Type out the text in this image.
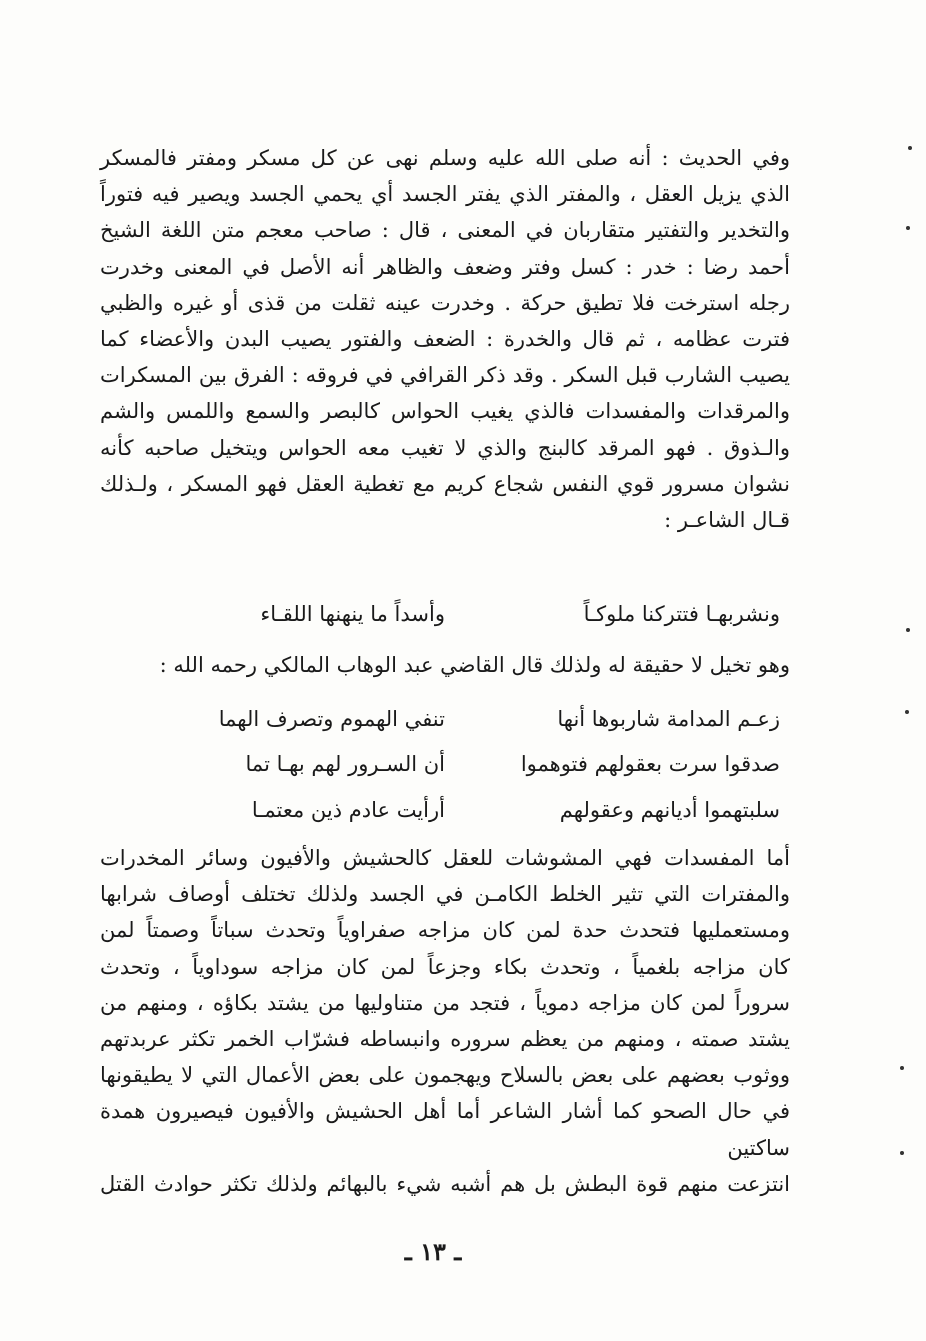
وفي الحديث : أنه صلى الله عليه وسلم نهى عن كل مسكر ومفتر فالمسكر

الذي يزيل العقل ، والمفتر الذي يفتر الجسد أي يحمي الجسد ويصير فيه فتوراً

والتخدير والتفتير متقاربان في المعنى ، قال : صاحب معجم متن اللغة الشيخ

أحمد رضا : خدر : كسل وفتر وضعف والظاهر أنه الأصل في المعنى وخدرت

رجله استرخت فلا تطيق حركة . وخدرت عينه ثقلت من قذى أو غيره والظبي

فترت عظامه ، ثم قال والخدرة : الضعف والفتور يصيب البدن والأعضاء كما

يصيب الشارب قبل السكر . وقد ذكر القرافي في فروقه : الفرق بين المسكرات

والمرقدات والمفسدات فالذي يغيب الحواس كالبصر والسمع واللمس والشم

والـذوق . فهو المرقد كالبنج والذي لا تغيب معه الحواس ويتخيل صاحبه كأنه

نشوان مسرور قوي النفس شجاع كريم مع تغطية العقل فهو المسكر ، ولـذلك

قـال الشاعـر :

ونشربهـا فتتركنا ملوكـاً
وأسداً ما ينهنها اللقـاء

وهو تخيل لا حقيقة له ولذلك قال القاضي عبد الوهاب المالكي رحمه الله :

زعـم المدامة شاربوها أنها
تنفي الهموم وتصرف الهما
صدقوا سرت بعقولهم فتوهموا
أن السـرور لهم بهـا تما
سلبتهموا أديانهم وعقولهم
أرأيت عادم ذين معتمـا

أما المفسدات فهي المشوشات للعقل كالحشيش والأفيون وسائر المخدرات

والمفترات التي تثير الخلط الكامـن في الجسد ولذلك تختلف أوصاف شرابها

ومستعمليها فتحدث حدة لمن كان مزاجه صفراوياً وتحدث سباتاً وصمتاً لمن

كان مزاجه بلغمياً ، وتحدث بكاء وجزعاً لمن كان مزاجه سوداوياً ، وتحدث

سروراً لمن كان مزاجه دموياً ، فتجد من متناوليها من يشتد بكاؤه ، ومنهم من

يشتد صمته ، ومنهم من يعظم سروره وانبساطه فشرّاب الخمر تكثر عربدتهم

ووثوب بعضهم على بعض بالسلاح ويهجمون على بعض الأعمال التي لا يطيقونها

في حال الصحو كما أشار الشاعر أما أهل الحشيش والأفيون فيصيرون همدة ساكتين

انتزعت منهم قوة البطش بل هم أشبه شيء بالبهائم ولذلك تكثر حوادث القتل

ـ ١٣ ـ
